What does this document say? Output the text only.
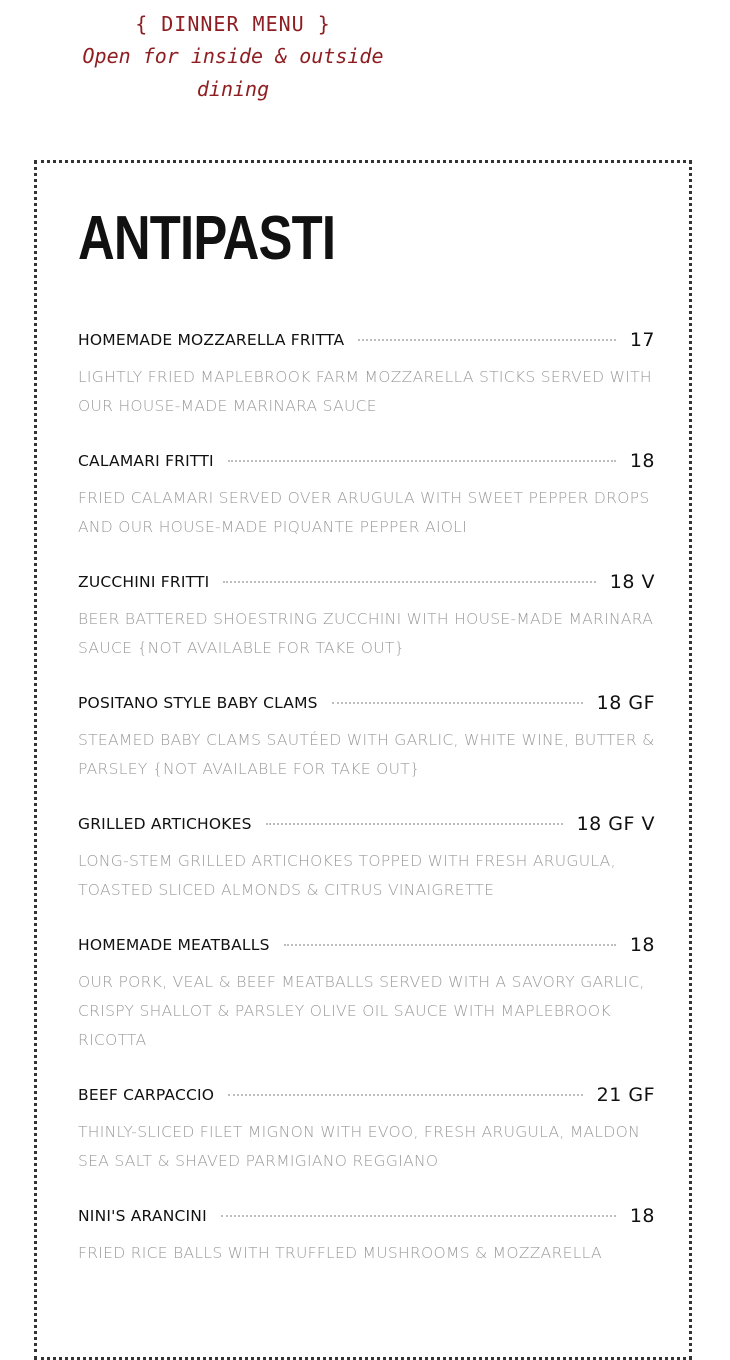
{ DINNER MENU }
Open for inside & outside dining
ANTIPASTI
HOMEMADE MOZZARELLA FRITTA	17
LIGHTLY FRIED MAPLEBROOK FARM MOZZARELLA STICKS SERVED WITH OUR HOUSE-MADE MARINARA SAUCE
CALAMARI FRITTI	18
FRIED CALAMARI SERVED OVER ARUGULA WITH SWEET PEPPER DROPS AND OUR HOUSE-MADE PIQUANTE PEPPER AIOLI
ZUCCHINI FRITTI	18 V
BEER BATTERED SHOESTRING ZUCCHINI WITH HOUSE-MADE MARINARA SAUCE {NOT AVAILABLE FOR TAKE OUT}
POSITANO STYLE BABY CLAMS	18 GF
STEAMED BABY CLAMS SAUTÉED WITH GARLIC, WHITE WINE, BUTTER & PARSLEY {NOT AVAILABLE FOR TAKE OUT}
GRILLED ARTICHOKES	18 GF V
LONG-STEM GRILLED ARTICHOKES TOPPED WITH FRESH ARUGULA, TOASTED SLICED ALMONDS & CITRUS VINAIGRETTE
HOMEMADE MEATBALLS	18
OUR PORK, VEAL & BEEF MEATBALLS SERVED WITH A SAVORY GARLIC, CRISPY SHALLOT & PARSLEY OLIVE OIL SAUCE WITH MAPLEBROOK RICOTTA
BEEF CARPACCIO	21 GF
THINLY-SLICED FILET MIGNON WITH EVOO, FRESH ARUGULA, MALDON SEA SALT & SHAVED PARMIGIANO REGGIANO
NINI'S ARANCINI	18
FRIED RICE BALLS WITH TRUFFLED MUSHROOMS & MOZZARELLA
